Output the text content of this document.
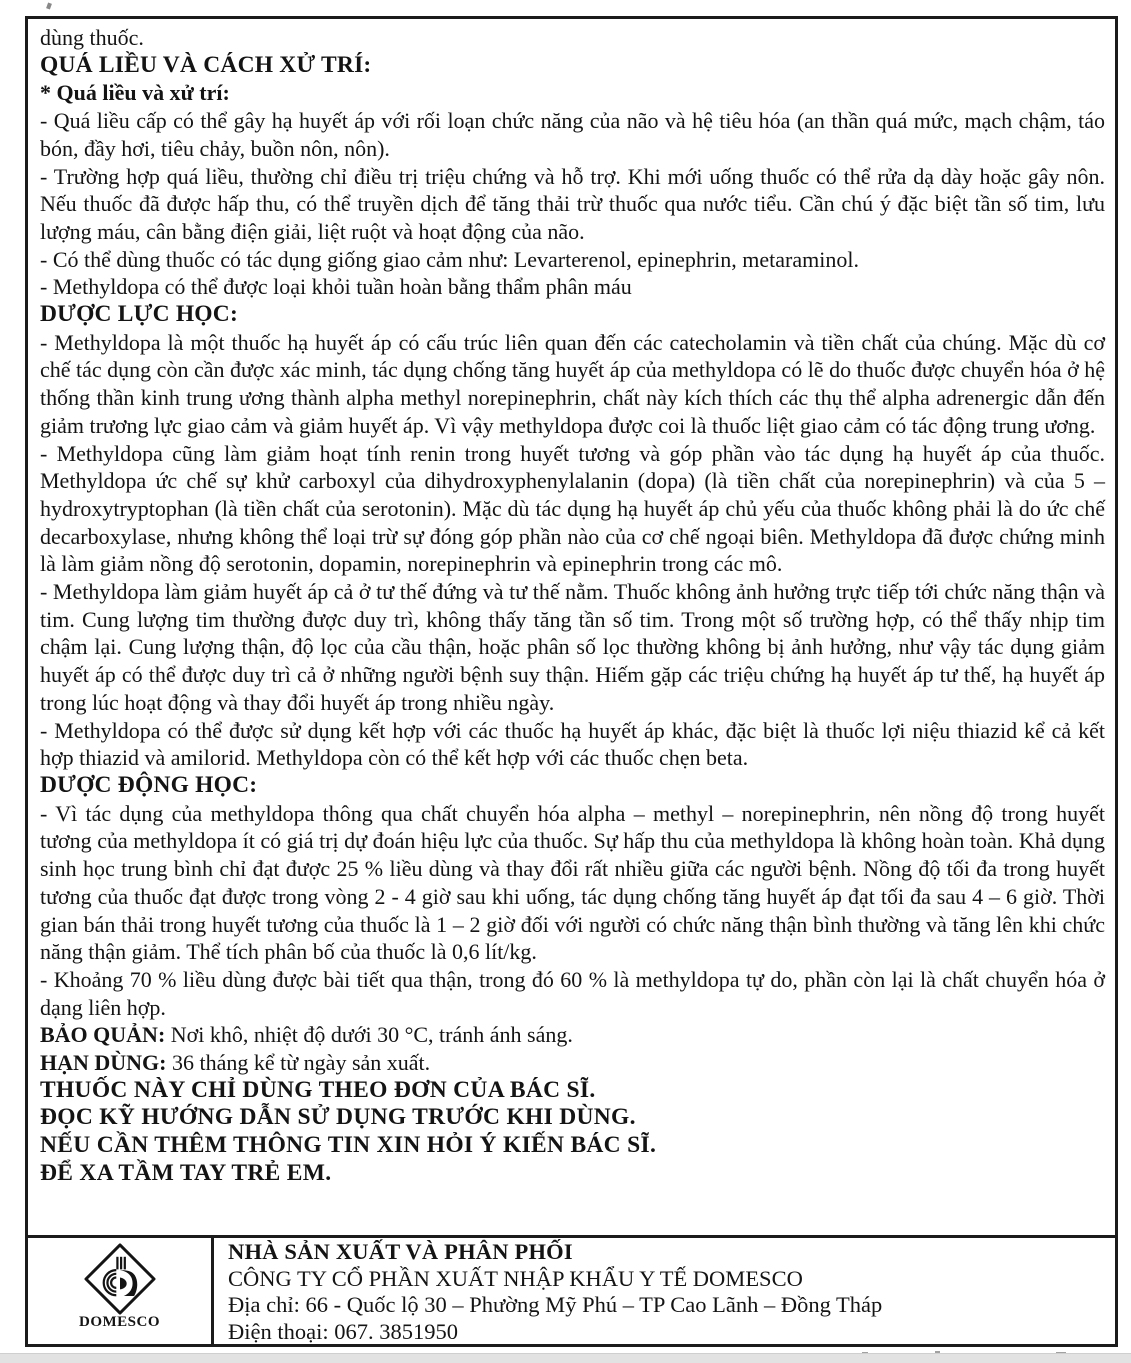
dùng thuốc.

QUÁ LIỀU VÀ CÁCH XỬ TRÍ:

* Quá liều và xử trí:

- Quá liều cấp có thể gây hạ huyết áp với rối loạn chức năng của não và hệ tiêu hóa (an thần quá mức, mạch chậm, táo bón, đầy hơi, tiêu chảy, buồn nôn, nôn).

- Trường hợp quá liều, thường chỉ điều trị triệu chứng và hỗ trợ. Khi mới uống thuốc có thể rửa dạ dày hoặc gây nôn. Nếu thuốc đã được hấp thu, có thể truyền dịch để tăng thải trừ thuốc qua nước tiểu. Cần chú ý đặc biệt tần số tim, lưu lượng máu, cân bằng điện giải, liệt ruột và hoạt động của não.

- Có thể dùng thuốc có tác dụng giống giao cảm như: Levarterenol, epinephrin, metaraminol.

- Methyldopa có thể được loại khỏi tuần hoàn bằng thẩm phân máu

DƯỢC LỰC HỌC:

- Methyldopa là một thuốc hạ huyết áp có cấu trúc liên quan đến các catecholamin và tiền chất của chúng. Mặc dù cơ chế tác dụng còn cần được xác minh, tác dụng chống tăng huyết áp của methyldopa có lẽ do thuốc được chuyển hóa ở hệ thống thần kinh trung ương thành alpha methyl norepinephrin, chất này kích thích các thụ thể alpha adrenergic dẫn đến giảm trương lực giao cảm và giảm huyết áp. Vì vậy methyldopa được coi là thuốc liệt giao cảm có tác động trung ương.

- Methyldopa cũng làm giảm hoạt tính renin trong huyết tương và góp phần vào tác dụng hạ huyết áp của thuốc. Methyldopa ức chế sự khử carboxyl của dihydroxyphenylalanin (dopa) (là tiền chất của norepinephrin) và của 5 – hydroxytryptophan (là tiền chất của serotonin). Mặc dù tác dụng hạ huyết áp chủ yếu của thuốc không phải là do ức chế decarboxylase, nhưng không thể loại trừ sự đóng góp phần nào của cơ chế ngoại biên. Methyldopa đã được chứng minh là làm giảm nồng độ serotonin, dopamin, norepinephrin và epinephrin trong các mô.

- Methyldopa làm giảm huyết áp cả ở tư thế đứng và tư thế nằm. Thuốc không ảnh hưởng trực tiếp tới chức năng thận và tim. Cung lượng tim thường được duy trì, không thấy tăng tần số tim. Trong một số trường hợp, có thể thấy nhịp tim chậm lại. Cung lượng thận, độ lọc của cầu thận, hoặc phân số lọc thường không bị ảnh hưởng, như vậy tác dụng giảm huyết áp có thể được duy trì cả ở những người bệnh suy thận. Hiếm gặp các triệu chứng hạ huyết áp tư thế, hạ huyết áp trong lúc hoạt động và thay đổi huyết áp trong nhiều ngày.

- Methyldopa có thể được sử dụng kết hợp với các thuốc hạ huyết áp khác, đặc biệt là thuốc lợi niệu thiazid kể cả kết hợp thiazid và amilorid. Methyldopa còn có thể kết hợp với các thuốc chẹn beta.

DƯỢC ĐỘNG HỌC:

- Vì tác dụng của methyldopa thông qua chất chuyển hóa alpha – methyl – norepinephrin, nên nồng độ trong huyết tương của methyldopa ít có giá trị dự đoán hiệu lực của thuốc. Sự hấp thu của methyldopa là không hoàn toàn. Khả dụng sinh học trung bình chỉ đạt được 25 % liều dùng và thay đổi rất nhiều giữa các người bệnh. Nồng độ tối đa trong huyết tương của thuốc đạt được trong vòng 2 - 4 giờ sau khi uống, tác dụng chống tăng huyết áp đạt tối đa sau 4 – 6 giờ. Thời gian bán thải trong huyết tương của thuốc là 1 – 2 giờ đối với người có chức năng thận bình thường và tăng lên khi chức năng thận giảm. Thể tích phân bố của thuốc là 0,6 lít/kg.

- Khoảng 70 % liều dùng được bài tiết qua thận, trong đó 60 % là methyldopa tự do, phần còn lại là chất chuyển hóa ở dạng liên hợp.

BẢO QUẢN: Nơi khô, nhiệt độ dưới 30 °C, tránh ánh sáng.

HẠN DÙNG: 36 tháng kể từ ngày sản xuất.

THUỐC NÀY CHỈ DÙNG THEO ĐƠN CỦA BÁC SĨ.

ĐỌC KỸ HƯỚNG DẪN SỬ DỤNG TRƯỚC KHI DÙNG.

NẾU CẦN THÊM THÔNG TIN XIN HỎI Ý KIẾN BÁC SĨ.

ĐỂ XA TẦM TAY TRẺ EM.

DOMESCO
NHÀ SẢN XUẤT VÀ PHÂN PHỐI
CÔNG TY CỔ PHẦN XUẤT NHẬP KHẨU Y TẾ DOMESCO
Địa chỉ: 66 - Quốc lộ 30 – Phường Mỹ Phú – TP Cao Lãnh – Đồng Tháp
Điện thoại: 067. 3851950
